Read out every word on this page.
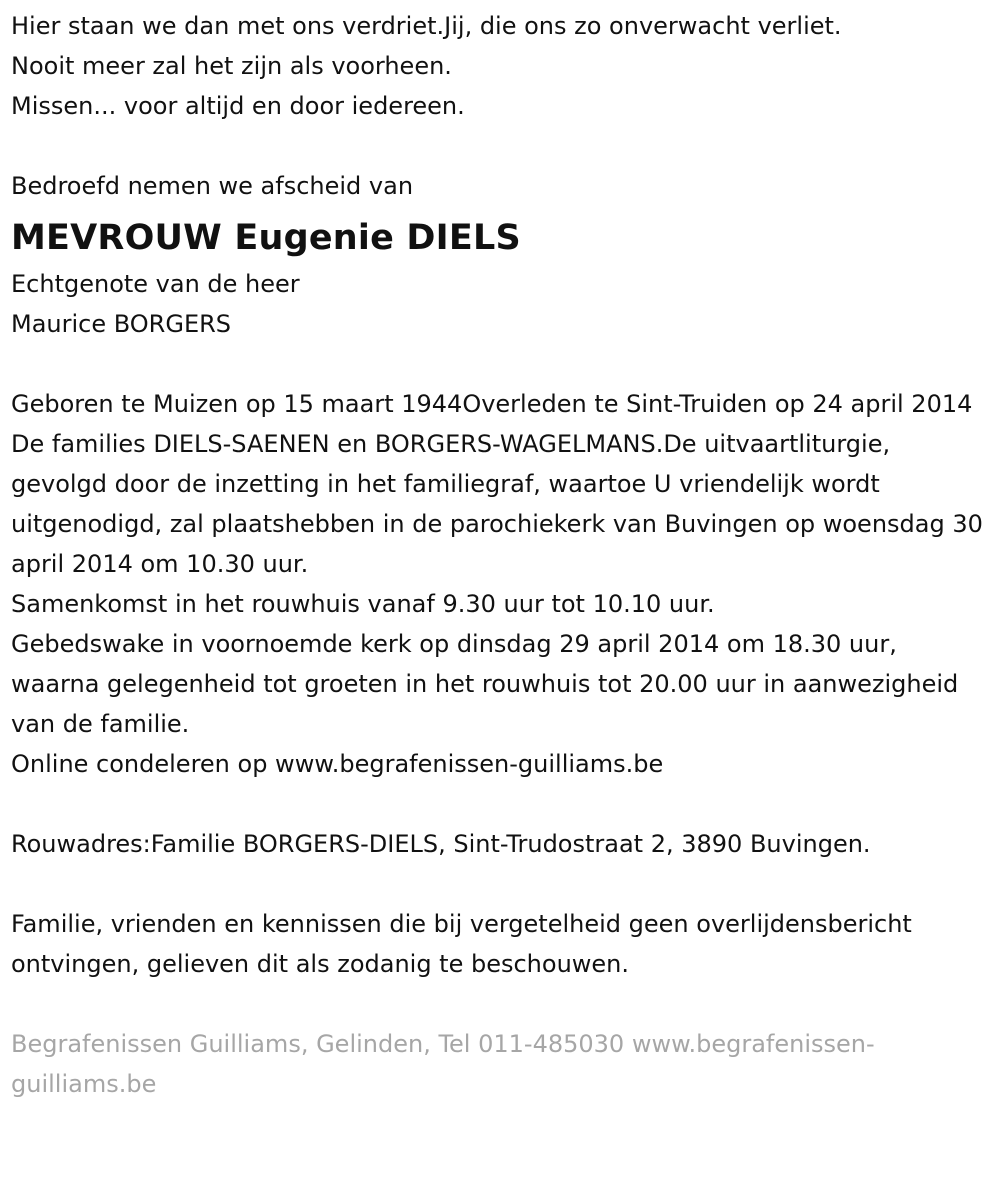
Hier staan we dan met ons verdriet.Jij, die ons zo onverwacht verliet.
Nooit meer zal het zijn als voorheen.
Missen... voor altijd en door iedereen.
Bedroefd nemen we afscheid van
MEVROUW Eugenie DIELS
Echtgenote van de heer
Maurice BORGERS
Geboren te Muizen op 15 maart 1944Overleden te Sint-Truiden op 24 april 2014
De families DIELS-SAENEN en BORGERS-WAGELMANS.De uitvaartliturgie, gevolgd door de inzetting in het familiegraf, waartoe U vriendelijk wordt uitgenodigd, zal plaatshebben in de parochiekerk van Buvingen op woensdag 30 april 2014 om 10.30 uur.
Samenkomst in het rouwhuis vanaf 9.30 uur tot 10.10 uur.
Gebedswake in voornoemde kerk op dinsdag 29 april 2014 om 18.30 uur, waarna gelegenheid tot groeten in het rouwhuis tot 20.00 uur in aanwezigheid van de familie.
Online condeleren op www.begrafenissen-guilliams.be
Rouwadres:Familie BORGERS-DIELS, Sint-Trudostraat 2, 3890 Buvingen.
Familie, vrienden en kennissen die bij vergetelheid geen overlijdensbericht ontvingen, gelieven dit als zodanig te beschouwen.
Begrafenissen Guilliams, Gelinden, Tel 011-485030 www.begrafenissen-guilliams.be
